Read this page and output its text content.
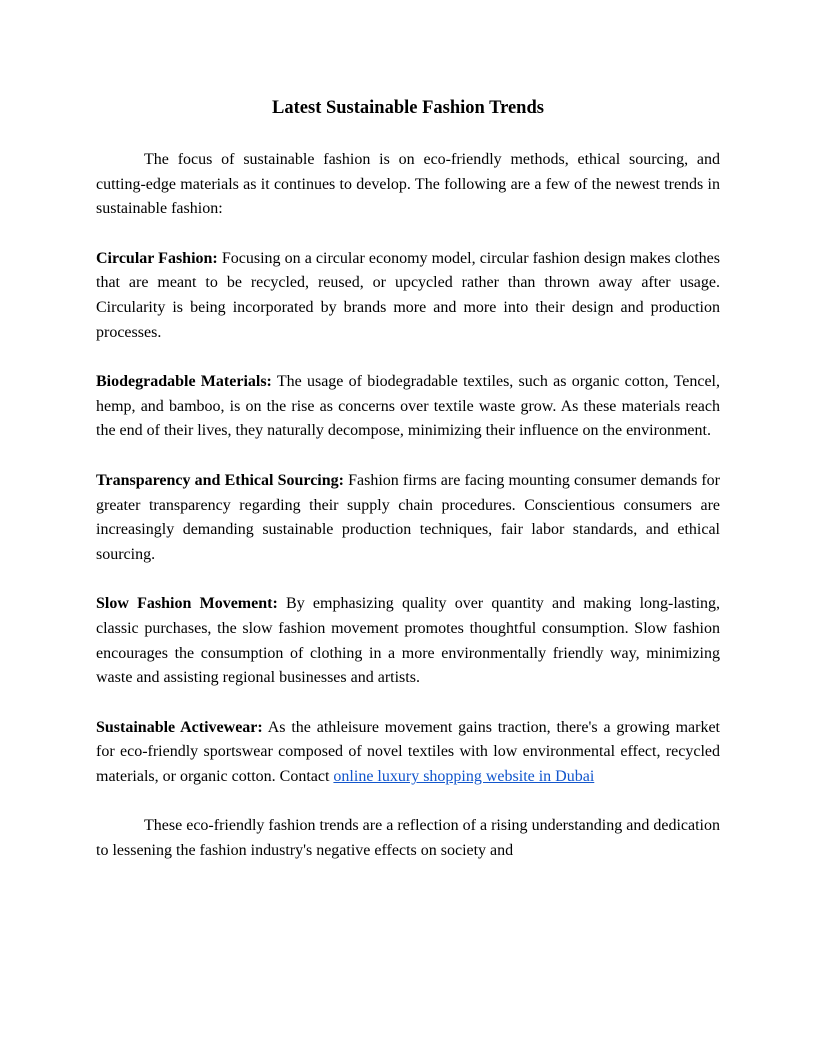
Latest Sustainable Fashion Trends

The focus of sustainable fashion is on eco-friendly methods, ethical sourcing, and cutting-edge materials as it continues to develop. The following are a few of the newest trends in sustainable fashion:

Circular Fashion: Focusing on a circular economy model, circular fashion design makes clothes that are meant to be recycled, reused, or upcycled rather than thrown away after usage. Circularity is being incorporated by brands more and more into their design and production processes.

Biodegradable Materials: The usage of biodegradable textiles, such as organic cotton, Tencel, hemp, and bamboo, is on the rise as concerns over textile waste grow. As these materials reach the end of their lives, they naturally decompose, minimizing their influence on the environment.

Transparency and Ethical Sourcing: Fashion firms are facing mounting consumer demands for greater transparency regarding their supply chain procedures. Conscientious consumers are increasingly demanding sustainable production techniques, fair labor standards, and ethical sourcing.

Slow Fashion Movement: By emphasizing quality over quantity and making long-lasting, classic purchases, the slow fashion movement promotes thoughtful consumption. Slow fashion encourages the consumption of clothing in a more environmentally friendly way, minimizing waste and assisting regional businesses and artists.

Sustainable Activewear: As the athleisure movement gains traction, there's a growing market for eco-friendly sportswear composed of novel textiles with low environmental effect, recycled materials, or organic cotton. Contact online luxury shopping website in Dubai

These eco-friendly fashion trends are a reflection of a rising understanding and dedication to lessening the fashion industry's negative effects on society and
